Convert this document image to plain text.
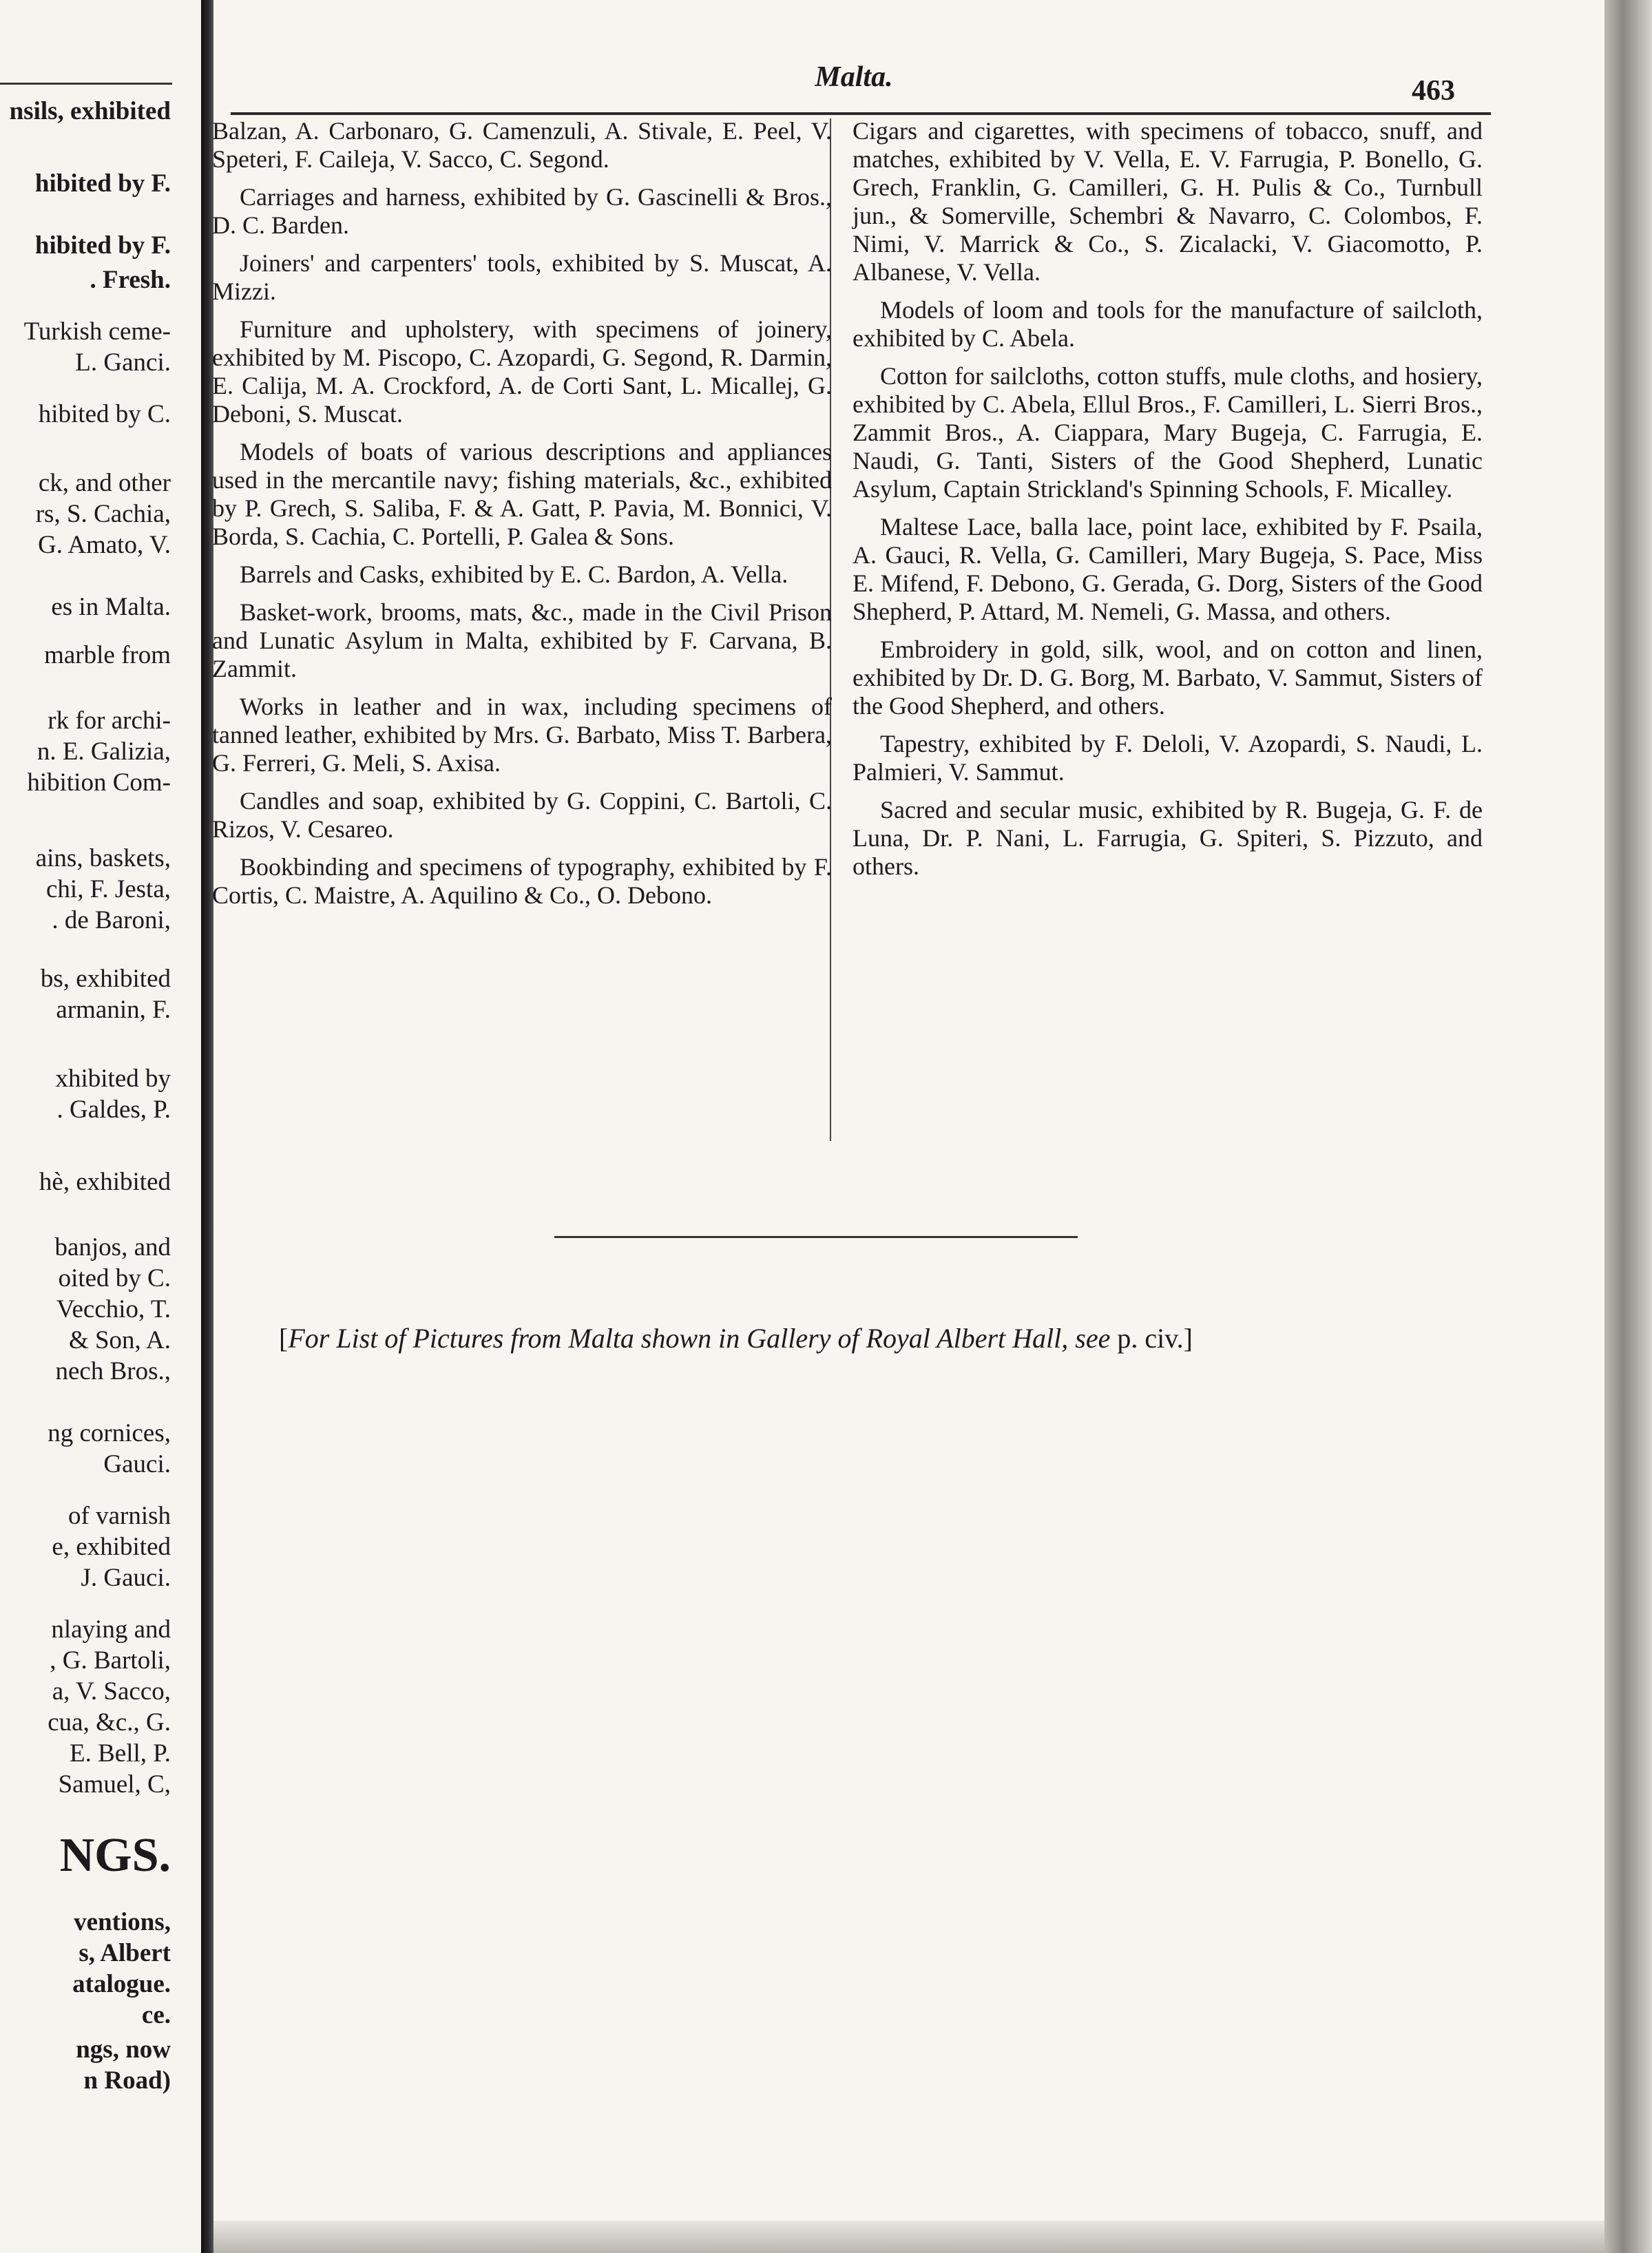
nsils, exhibited
hibited by F.
hibited by F.
. Fresh.
Turkish ceme-
L. Ganci.
hibited by C.
ck, and other
rs, S. Cachia,
G. Amato, V.
es in Malta.
marble from
rk for archi-
n. E. Galizia,
hibition Com-
ains, baskets,
chi, F. Jesta,
. de Baroni,
bs, exhibited
armanin, F.
xhibited by
. Galdes, P.
hè, exhibited
banjos, and
oited by C.
Vecchio, T.
& Son, A.
nech Bros.,
ng cornices,
Gauci.
of varnish
e, exhibited
J. Gauci.
nlaying and
, G. Bartoli,
a, V. Sacco,
cua, &c., G.
E. Bell, P.
Samuel, C,
NGS.
ventions,
s, Albert
atalogue.
ce.
ngs, now
n Road)
Malta.	463

Balzan, A. Carbonaro, G. Camenzuli, A. Stivale, E. Peel, V. Speteri, F. Caileja, V. Sacco, C. Segond.

Carriages and harness, exhibited by G. Gascinelli & Bros., D. C. Barden.

Joiners' and carpenters' tools, exhibited by S. Muscat, A. Mizzi.

Furniture and upholstery, with specimens of joinery, exhibited by M. Piscopo, C. Azopardi, G. Segond, R. Darmin, E. Calija, M. A. Crockford, A. de Corti Sant, L. Micallej, G. Deboni, S. Muscat.

Models of boats of various descriptions and appliances used in the mercantile navy; fishing materials, &c., exhibited by P. Grech, S. Saliba, F. & A. Gatt, P. Pavia, M. Bonnici, V. Borda, S. Cachia, C. Portelli, P. Galea & Sons.

Barrels and Casks, exhibited by E. C. Bardon, A. Vella.

Basket-work, brooms, mats, &c., made in the Civil Prison and Lunatic Asylum in Malta, exhibited by F. Carvana, B. Zammit.

Works in leather and in wax, including specimens of tanned leather, exhibited by Mrs. G. Barbato, Miss T. Barbera, G. Ferreri, G. Meli, S. Axisa.

Candles and soap, exhibited by G. Coppini, C. Bartoli, C. Rizos, V. Cesareo.

Bookbinding and specimens of typography, exhibited by F. Cortis, C. Maistre, A. Aquilino & Co., O. Debono.

Cigars and cigarettes, with specimens of tobacco, snuff, and matches, exhibited by V. Vella, E. V. Farrugia, P. Bonello, G. Grech, Franklin, G. Camilleri, G. H. Pulis & Co., Turnbull jun., & Somerville, Schembri & Navarro, C. Colombos, F. Nimi, V. Marrick & Co., S. Zicalacki, V. Giacomotto, P. Albanese, V. Vella.

Models of loom and tools for the manufacture of sailcloth, exhibited by C. Abela.

Cotton for sailcloths, cotton stuffs, mule cloths, and hosiery, exhibited by C. Abela, Ellul Bros., F. Camilleri, L. Sierri Bros., Zammit Bros., A. Ciappara, Mary Bugeja, C. Farrugia, E. Naudi, G. Tanti, Sisters of the Good Shepherd, Lunatic Asylum, Captain Strickland's Spinning Schools, F. Micalley.

Maltese Lace, balla lace, point lace, exhibited by F. Psaila, A. Gauci, R. Vella, G. Camilleri, Mary Bugeja, S. Pace, Miss E. Mifend, F. Debono, G. Gerada, G. Dorg, Sisters of the Good Shepherd, P. Attard, M. Nemeli, G. Massa, and others.

Embroidery in gold, silk, wool, and on cotton and linen, exhibited by Dr. D. G. Borg, M. Barbato, V. Sammut, Sisters of the Good Shepherd, and others.

Tapestry, exhibited by F. Deloli, V. Azopardi, S. Naudi, L. Palmieri, V. Sammut.

Sacred and secular music, exhibited by R. Bugeja, G. F. de Luna, Dr. P. Nani, L. Farrugia, G. Spiteri, S. Pizzuto, and others.

[For List of Pictures from Malta shown in Gallery of Royal Albert Hall, see p. civ.]
